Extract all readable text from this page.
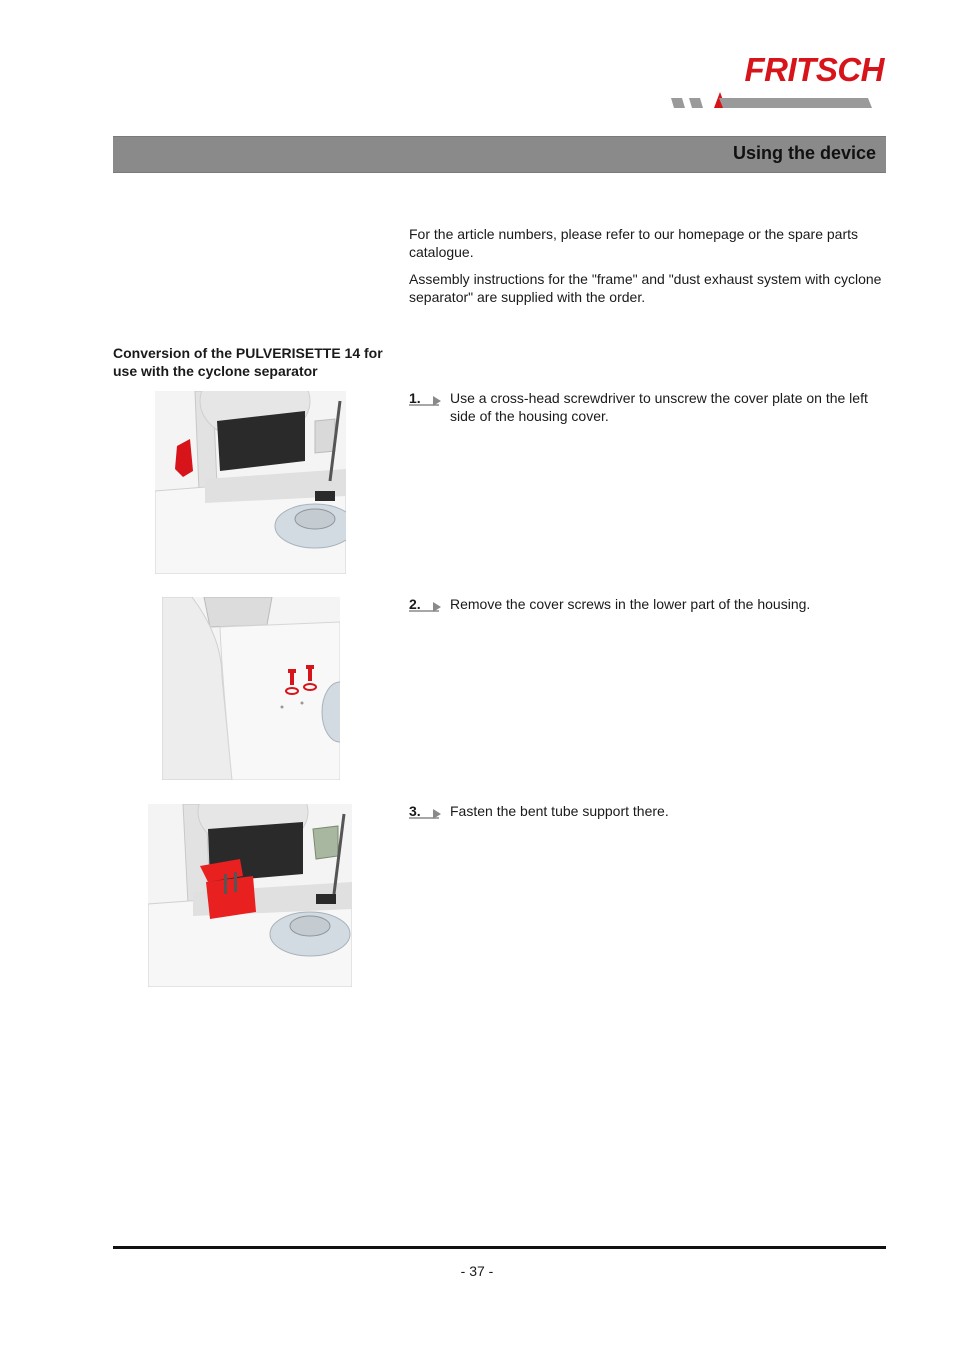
FRITSCH
Using the device

For the article numbers, please refer to our homepage or the spare parts catalogue.

Assembly instructions for the "frame" and "dust exhaust system with cyclone separator" are supplied with the order.

Conversion of the PULVERISETTE 14 for use with the cyclone separator

1.	Use a cross-head screwdriver to unscrew the cover plate on the left side of the housing cover.
2.	Remove the cover screws in the lower part of the housing.
3.	Fasten the bent tube support there.
- 37 -
